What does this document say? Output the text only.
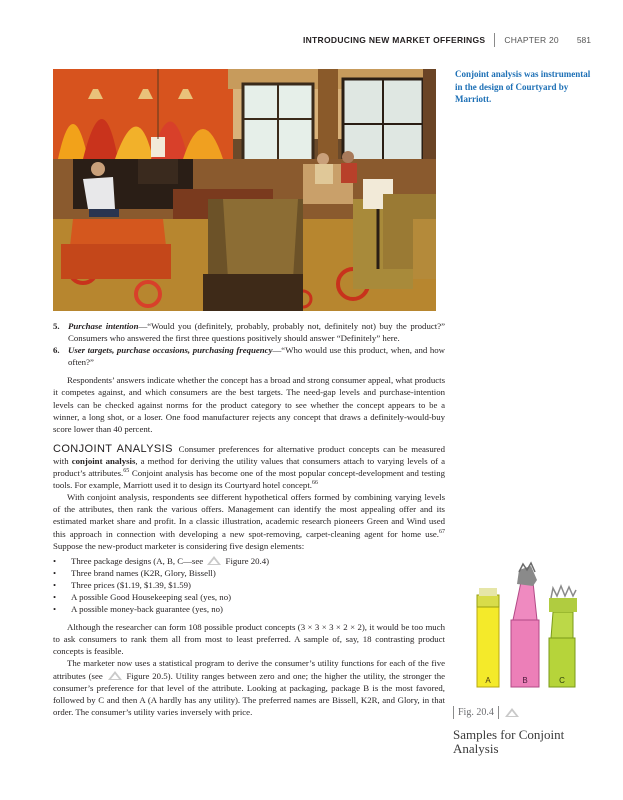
INTRODUCING NEW MARKET OFFERINGS CHAPTER 20 581
Conjoint analysis was instrumental in the design of Courtyard by Marriott.
5. Purchase intention—“Would you (definitely, probably, probably not, definitely not) buy the product?” Consumers who answered the first three questions positively should answer “Definitely” here.
6. User targets, purchase occasions, purchasing frequency—“Who would use this product, when, and how often?”

Respondents’ answers indicate whether the concept has a broad and strong consumer appeal, what products it competes against, and which consumers are the best targets. The need-gap levels and purchase-intention levels can be checked against norms for the product category to see whether the concept appears to be a winner, a long shot, or a loser. One food manufacturer rejects any concept that draws a definitely-would-buy score lower than 40 percent.

CONJOINT ANALYSIS Consumer preferences for alternative product concepts can be measured with conjoint analysis, a method for deriving the utility values that consumers attach to varying levels of a product’s attributes.$^{65}$ Conjoint analysis has become one of the most popular concept-development and testing tools. For example, Marriott used it to design its Courtyard hotel concept.$^{66}$

With conjoint analysis, respondents see different hypothetical offers formed by combining varying levels of the attributes, then rank the various offers. Management can identify the most appealing offer and its estimated market share and profit. In a classic illustration, academic research pioneers Green and Wind used this approach in connection with developing a new spot-removing, carpet-cleaning agent for home use.$^{67}$ Suppose the new-product marketer is considering five design elements:

• Three package designs (A, B, C—see  Figure 20.4)
• Three brand names (K2R, Glory, Bissell)
• Three prices ($1.19, $1.39, $1.59)
• A possible Good Housekeeping seal (yes, no)
• A possible money-back guarantee (yes, no)

Although the researcher can form 108 possible product concepts (3 × 3 × 3 × 2 × 2), it would be too much to ask consumers to rank them all from most to least preferred. A sample of, say, 18 contrasting product concepts is feasible.

The marketer now uses a statistical program to derive the consumer’s utility functions for each of the five attributes (see  Figure 20.5). Utility ranges between zero and one; the higher the utility, the stronger the consumer’s preference for that level of the attribute. Looking at packaging, package B is the most favored, followed by C and then A (A hardly has any utility). The preferred names are Bissell, K2R, and Glory, in that order. The consumer’s utility varies inversely with price.

A	B	C
Fig. 20.4
Samples for Conjoint Analysis
